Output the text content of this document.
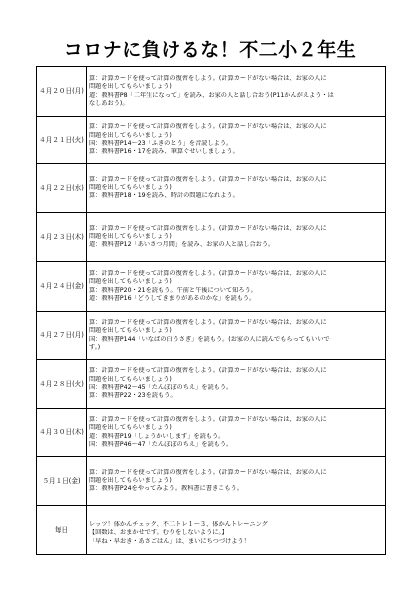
コロナに負けるな！不二小２年生
４月２０日(月)	算：計算カードを使って計算の復習をしよう。(計算カードがない場合は、お家の人に
問題を出してもらいましょう)
道：教科書P8「二年生になって」を読み、お家の人と話し合おう(P11かんがえよう・は
なしあおう)。

４月２１日(火)	算：計算カードを使って計算の復習をしよう。(計算カードがない場合は、お家の人に
問題を出してもらいましょう)
国：教科書P14～23「ふきのとう」を音読しよう。
算：教科書P16・17を読み、筆算ぐせいしましょう。

４月２２日(水)	算：計算カードを使って計算の復習をしよう。(計算カードがない場合は、お家の人に
問題を出してもらいましょう)
算：教科書P18・19を読み、時計の問題になれよう。

４月２３日(木)	算：計算カードを使って計算の復習をしよう。(計算カードがない場合は、お家の人に
問題を出してもらいましょう)
道：教科書P12「あいさつ月間」を読み、お家の人と話し合おう。

４月２４日(金)	算：計算カードを使って計算の復習をしよう。(計算カードがない場合は、お家の人に
問題を出してもらいましょう)
算：教科書P20・21を読もう。午前と午後について知ろう。
道：教科書P16「どうしてきまりがあるのかな」を読もう。

４月２７日(月)	算：計算カードを使って計算の復習をしよう。(計算カードがない場合は、お家の人に
問題を出してもらいましょう)
国：教科書P144「いなばの白うさぎ」を読もう。(お家の人に読んでもらってもいいで
す。)

４月２８日(火)	算：計算カードを使って計算の復習をしよう。(計算カードがない場合は、お家の人に
問題を出してもらいましょう)
国：教科書P42～45「たんぽぽのちえ」を読もう。
算：教科書P22・23を読もう。

４月３０日(木)	算：計算カードを使って計算の復習をしよう。(計算カードがない場合は、お家の人に
問題を出してもらいましょう)
道：教科書P19「しょうかいします」を読もう。
国：教科書P46～47「たんぽぽのちえ」を読もう。

５月１日(金)	算：計算カードを使って計算の復習をしよう。(計算カードがない場合は、お家の人に
問題を出してもらいましょう)
算：教科書P24をやってみよう。教科書に書きこもう。

毎日	レッツ！体かんチェック、不二トレ１～３、体かんトレーニング
【回数は、おまかせです。むりをしないように。】
「早ね・早おき・あさごはん」は、まいにちつづけよう！
